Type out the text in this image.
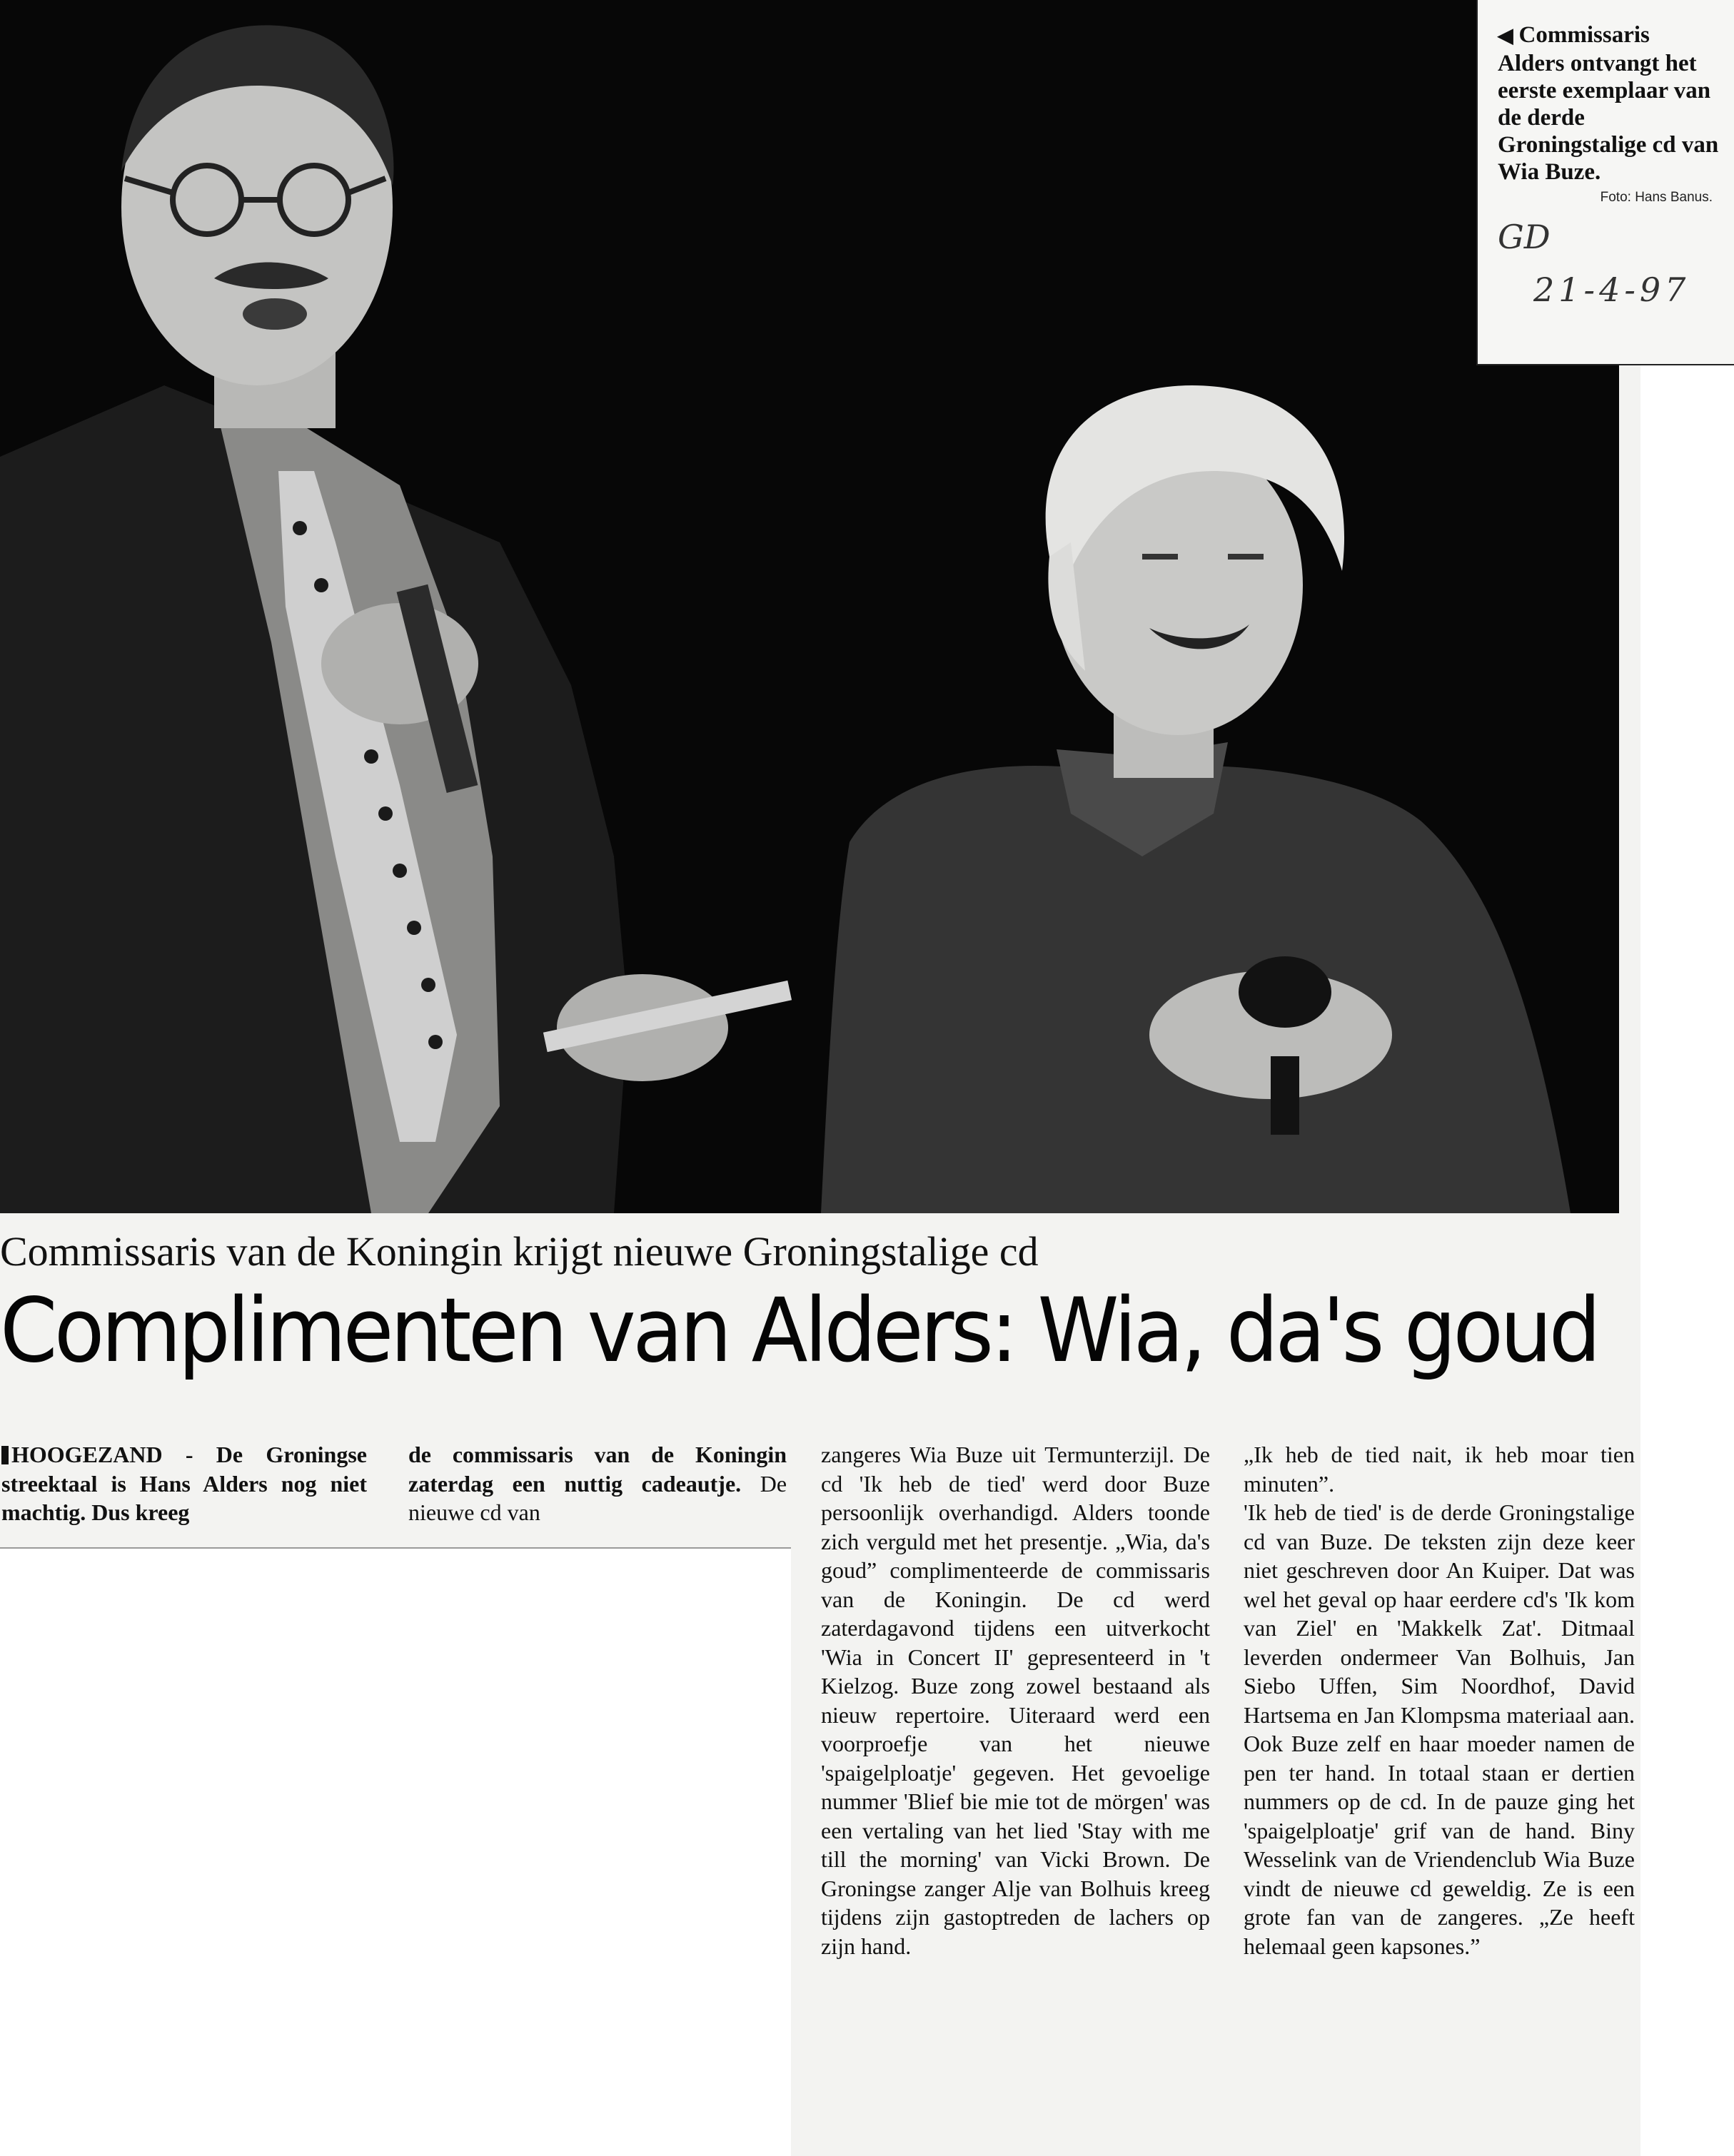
◀ Commissaris Alders ontvangt het eerste exemplaar van de derde Groningstalige cd van Wia Buze.
Foto: Hans Banus.
GD
21-4-97
Commissaris van de Koningin krijgt nieuwe Groningstalige cd
Complimenten van Alders: Wia, da's goud
HOOGEZAND - De Groningse streektaal is Hans Alders nog niet machtig. Dus kreeg
de commissaris van de Koningin zaterdag een nuttig cadeautje. De nieuwe cd van
zangeres Wia Buze uit Termunterzijl. De cd 'Ik heb de tied' werd door Buze persoonlijk overhandigd. Alders toonde zich verguld met het presentje. „Wia, da's goud” complimenteerde de commissaris van de Koningin. De cd werd zaterdagavond tijdens een uitverkocht 'Wia in Concert II' gepresenteerd in 't Kielzog. Buze zong zowel bestaand als nieuw repertoire. Uiteraard werd een voorproefje van het nieuwe 'spaigelploatje' gegeven. Het gevoelige nummer 'Blief bie mie tot de mörgen' was een vertaling van het lied 'Stay with me till the morning' van Vicki Brown. De Groningse zanger Alje van Bolhuis kreeg tijdens zijn gastoptreden de lachers op zijn hand.
„Ik heb de tied nait, ik heb moar tien minuten”.
'Ik heb de tied' is de derde Groningstalige cd van Buze. De teksten zijn deze keer niet geschreven door An Kuiper. Dat was wel het geval op haar eerdere cd's 'Ik kom van Ziel' en 'Makkelk Zat'. Ditmaal leverden ondermeer Van Bolhuis, Jan Siebo Uffen, Sim Noordhof, David Hartsema en Jan Klompsma materiaal aan. Ook Buze zelf en haar moeder namen de pen ter hand. In totaal staan er dertien nummers op de cd. In de pauze ging het 'spaigelploatje' grif van de hand. Biny Wesselink van de Vriendenclub Wia Buze vindt de nieuwe cd geweldig. Ze is een grote fan van de zangeres. „Ze heeft helemaal geen kapsones.”
